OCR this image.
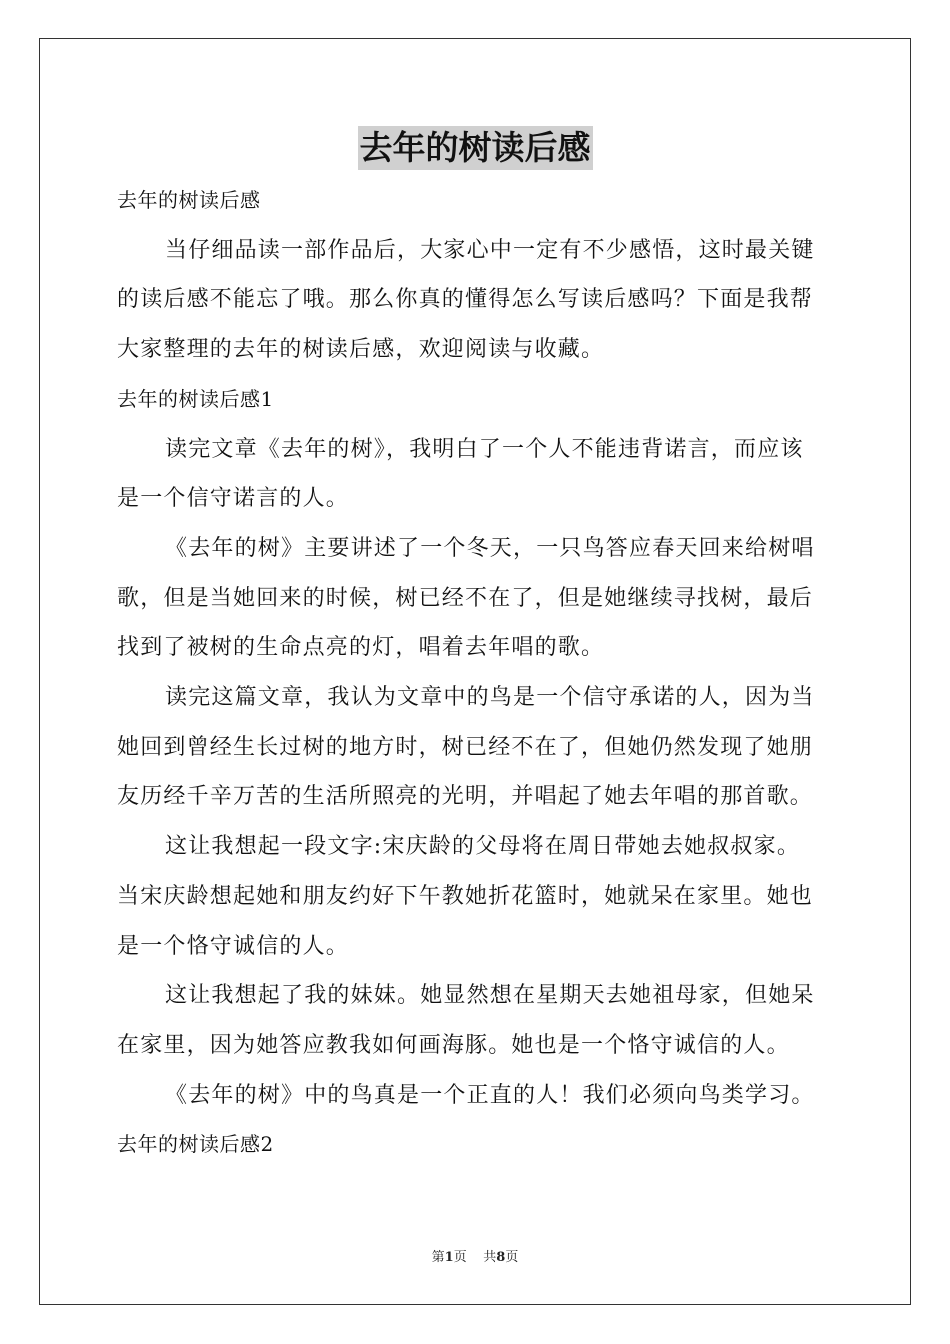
去年的树读后感
去年的树读后感
当仔细品读一部作品后，大家心中一定有不少感悟，这时最关键
的读后感不能忘了哦。那么你真的懂得怎么写读后感吗？下面是我帮
大家整理的去年的树读后感，欢迎阅读与收藏。
去年的树读后感1
读完文章《去年的树》，我明白了一个人不能违背诺言，而应该
是一个信守诺言的人。
《去年的树》主要讲述了一个冬天，一只鸟答应春天回来给树唱
歌，但是当她回来的时候，树已经不在了，但是她继续寻找树，最后
找到了被树的生命点亮的灯，唱着去年唱的歌。
读完这篇文章，我认为文章中的鸟是一个信守承诺的人，因为当
她回到曾经生长过树的地方时，树已经不在了，但她仍然发现了她朋
友历经千辛万苦的生活所照亮的光明，并唱起了她去年唱的那首歌。
这让我想起一段文字:宋庆龄的父母将在周日带她去她叔叔家。
当宋庆龄想起她和朋友约好下午教她折花篮时，她就呆在家里。她也
是一个恪守诚信的人。
这让我想起了我的妹妹。她显然想在星期天去她祖母家，但她呆
在家里，因为她答应教我如何画海豚。她也是一个恪守诚信的人。
《去年的树》中的鸟真是一个正直的人！我们必须向鸟类学习。
去年的树读后感2
第1页 共8页
